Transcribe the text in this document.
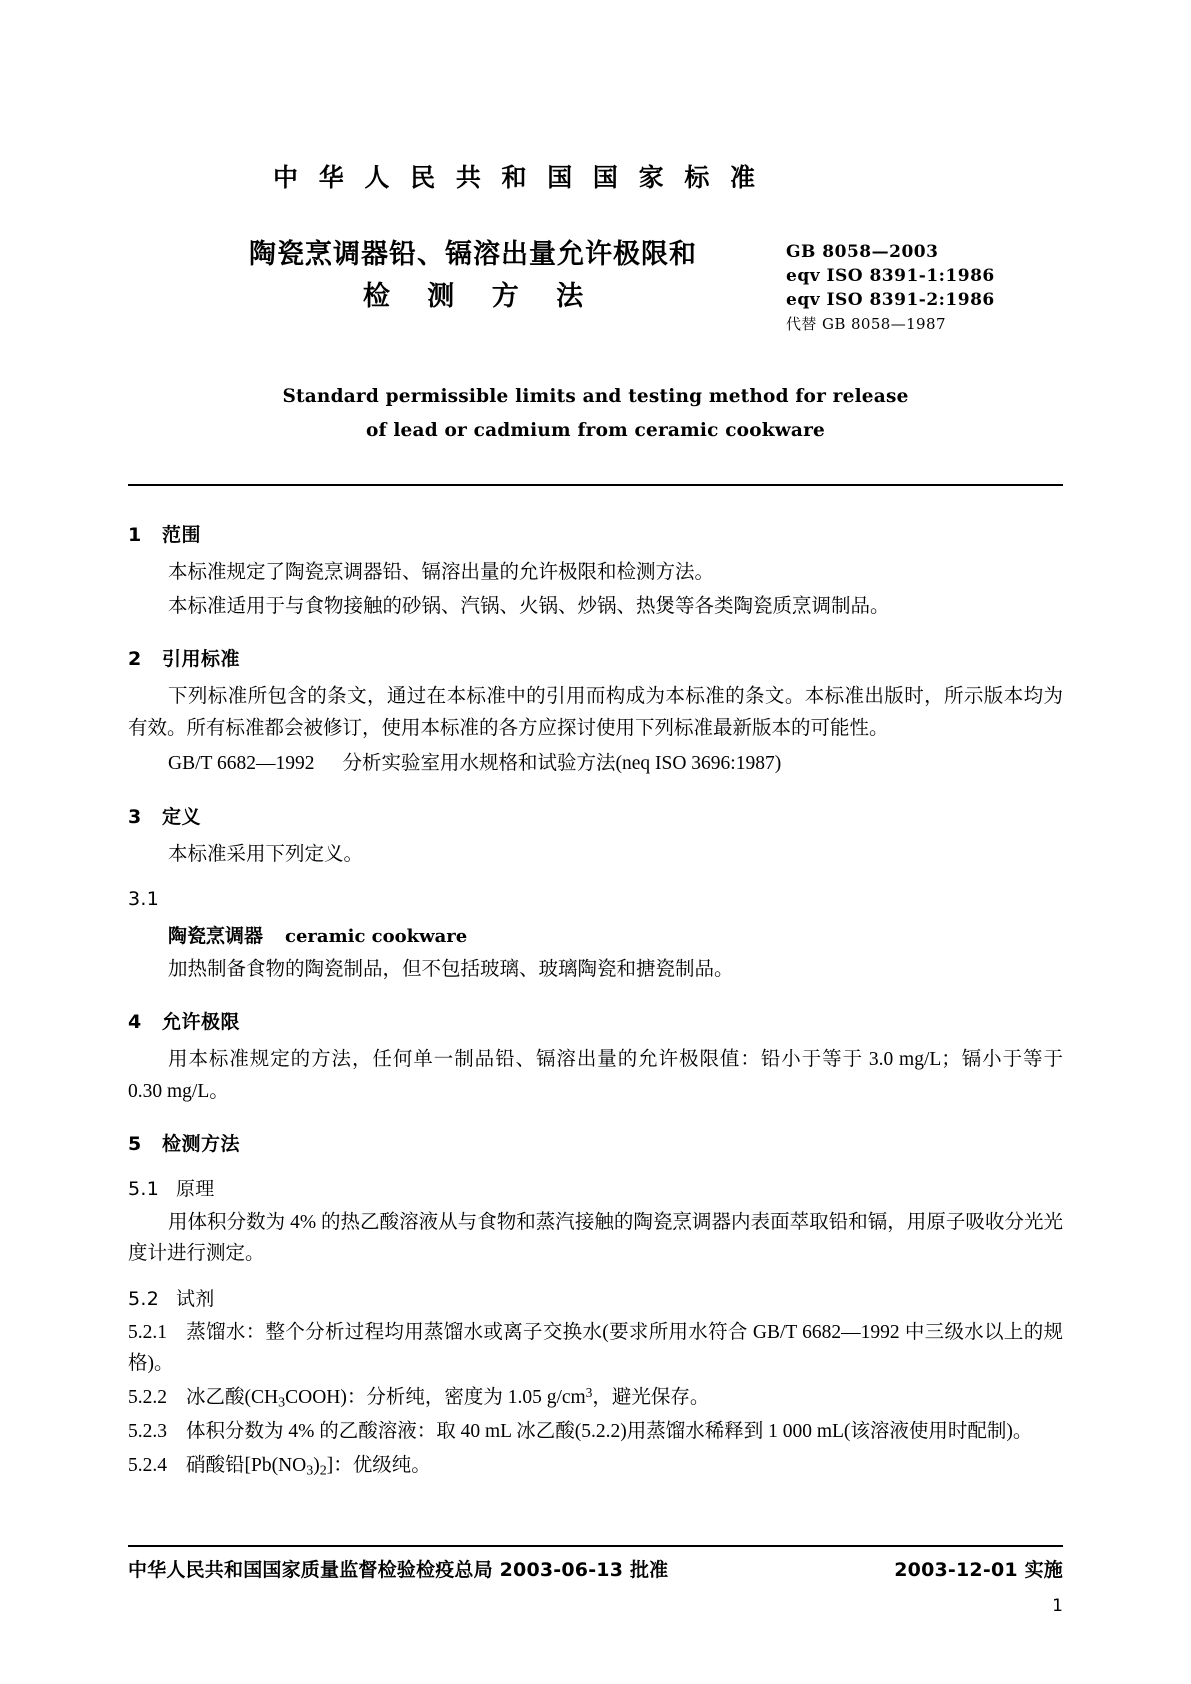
中 华 人 民 共 和 国 国 家 标 准
陶瓷烹调器铅、镉溶出量允许极限和
检 测 方 法
GB 8058—2003
eqv ISO 8391-1:1986
eqv ISO 8391-2:1986
代替 GB 8058—1987
Standard permissible limits and testing method for release
of lead or cadmium from ceramic cookware
1 范围
本标准规定了陶瓷烹调器铅、镉溶出量的允许极限和检测方法。
本标准适用于与食物接触的砂锅、汽锅、火锅、炒锅、热煲等各类陶瓷质烹调制品。
2 引用标准
下列标准所包含的条文，通过在本标准中的引用而构成为本标准的条文。本标准出版时，所示版本均为有效。所有标准都会被修订，使用本标准的各方应探讨使用下列标准最新版本的可能性。
GB/T 6682—1992 分析实验室用水规格和试验方法(neq ISO 3696:1987)
3 定义
本标准采用下列定义。
3.1
陶瓷烹调器 ceramic cookware
加热制备食物的陶瓷制品，但不包括玻璃、玻璃陶瓷和搪瓷制品。
4 允许极限
用本标准规定的方法，任何单一制品铅、镉溶出量的允许极限值：铅小于等于 3.0 mg/L；镉小于等于 0.30 mg/L。
5 检测方法
5.1 原理
用体积分数为 4% 的热乙酸溶液从与食物和蒸汽接触的陶瓷烹调器内表面萃取铅和镉，用原子吸收分光光度计进行测定。
5.2 试剂
5.2.1 蒸馏水：整个分析过程均用蒸馏水或离子交换水(要求所用水符合 GB/T 6682—1992 中三级水以上的规格)。
5.2.2 冰乙酸$(CH_3COOH)$：分析纯，密度为 1.05 $g/cm^3$，避光保存。
5.2.3 体积分数为 4% 的乙酸溶液：取 40 mL 冰乙酸(5.2.2)用蒸馏水稀释到 1 000 mL(该溶液使用时配制)。
5.2.4 硝酸铅$[Pb(NO_3)_2]$：优级纯。
中华人民共和国国家质量监督检验检疫总局 2003-06-13 批准	2003-12-01 实施
1
